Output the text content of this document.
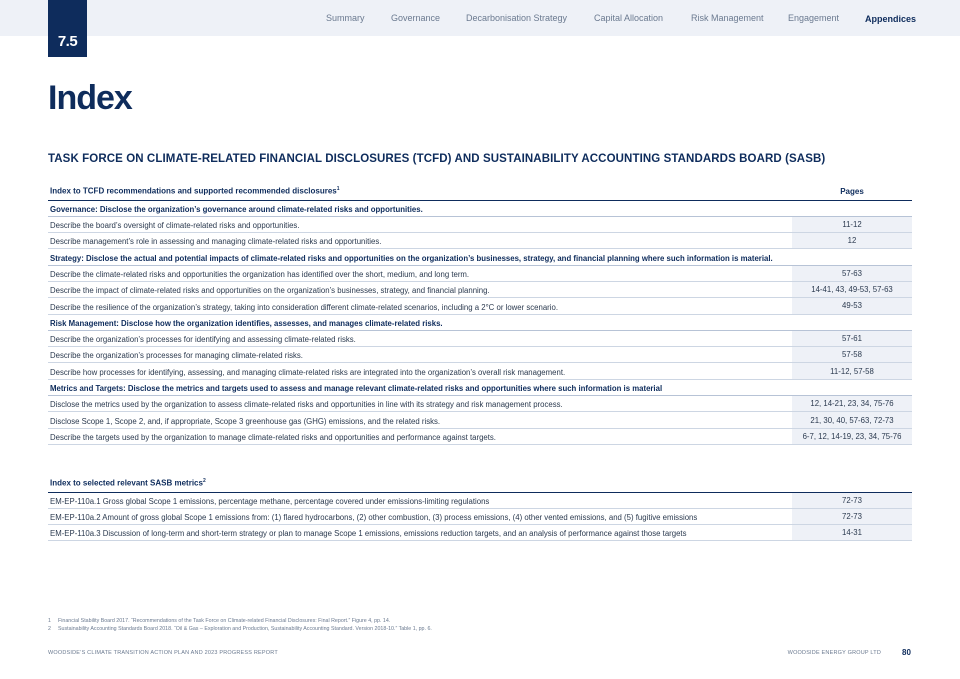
7.5
Summary	Governance	Decarbonisation Strategy	Capital Allocation	Risk Management	Engagement	Appendices
Index
TASK FORCE ON CLIMATE-RELATED FINANCIAL DISCLOSURES (TCFD) AND SUSTAINABILITY ACCOUNTING STANDARDS BOARD (SASB)
Index to TCFD recommendations and supported recommended disclosures$^1$	Pages
Governance: Disclose the organization’s governance around climate-related risks and opportunities.	
Describe the board’s oversight of climate-related risks and opportunities.	11-12
Describe management’s role in assessing and managing climate-related risks and opportunities.	12
Strategy: Disclose the actual and potential impacts of climate-related risks and opportunities on the organization’s businesses, strategy, and financial planning where such information is material.	
Describe the climate-related risks and opportunities the organization has identified over the short, medium, and long term.	57-63
Describe the impact of climate-related risks and opportunities on the organization’s businesses, strategy, and financial planning.	14-41, 43, 49-53, 57-63
Describe the resilience of the organization’s strategy, taking into consideration different climate-related scenarios, including a 2°C or lower scenario.	49-53
Risk Management: Disclose how the organization identifies, assesses, and manages climate-related risks.	
Describe the organization’s processes for identifying and assessing climate-related risks.	57-61
Describe the organization’s processes for managing climate-related risks.	57-58
Describe how processes for identifying, assessing, and managing climate-related risks are integrated into the organization’s overall risk management.	11-12, 57-58
Metrics and Targets: Disclose the metrics and targets used to assess and manage relevant climate-related risks and opportunities where such information is material	
Disclose the metrics used by the organization to assess climate-related risks and opportunities in line with its strategy and risk management process.	12, 14-21, 23, 34, 75-76
Disclose Scope 1, Scope 2, and, if appropriate, Scope 3 greenhouse gas (GHG) emissions, and the related risks.	21, 30, 40, 57-63, 72-73
Describe the targets used by the organization to manage climate-related risks and opportunities and performance against targets.	6-7, 12, 14-19, 23, 34, 75-76
Index to selected relevant SASB metrics$^2$
EM-EP-110a.1 Gross global Scope 1 emissions, percentage methane, percentage covered under emissions-limiting regulations	72-73
EM-EP-110a.2 Amount of gross global Scope 1 emissions from: (1) flared hydrocarbons, (2) other combustion, (3) process emissions, (4) other vented emissions, and (5) fugitive emissions	72-73
EM-EP-110a.3 Discussion of long-term and short-term strategy or plan to manage Scope 1 emissions, emissions reduction targets, and an analysis of performance against those targets	14-31
1 Financial Stability Board 2017. “Recommendations of the Task Force on Climate-related Financial Disclosures: Final Report.” Figure 4, pp. 14.
2 Sustainability Accounting Standards Board 2018. “Oil & Gas – Exploration and Production, Sustainability Accounting Standard. Version 2018-10.” Table 1, pp. 6.
WOODSIDE’S CLIMATE TRANSITION ACTION PLAN AND 2023 PROGRESS REPORT	WOODSIDE ENERGY GROUP LTD	80
